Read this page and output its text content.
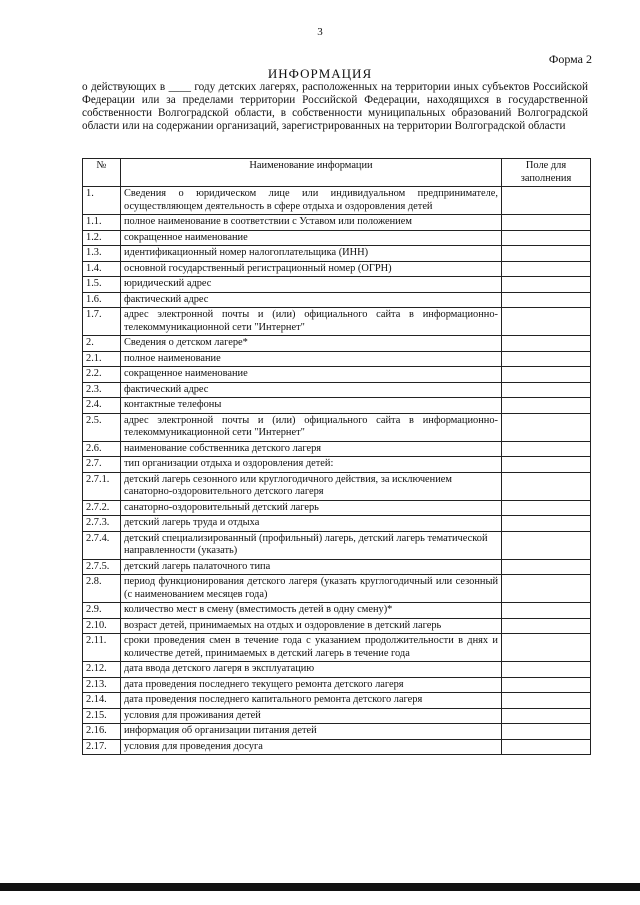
3
Форма 2
ИНФОРМАЦИЯ

о действующих в ____ году детских лагерях, расположенных на территории иных субъектов Российской Федерации или за пределами территории Российской Федерации, находящихся в государственной собственности Волгоградской области, в собственности муниципальных образований Волгоградской области или на содержании организаций, зарегистрированных на территории Волгоградской области

№	Наименование информации	Поле для заполнения
1.	Сведения о юридическом лице или индивидуальном предпринимателе, осуществляющем деятельность в сфере отдыха и оздоровления детей	
1.1.	полное наименование в соответствии с Уставом или положением	
1.2.	сокращенное наименование	
1.3.	идентификационный номер налогоплательщика (ИНН)	
1.4.	основной государственный регистрационный номер (ОГРН)	
1.5.	юридический адрес	
1.6.	фактический адрес	
1.7.	адрес электронной почты и (или) официального сайта в информационно-телекоммуникационной сети "Интернет"	
2.	Сведения о детском лагере*	
2.1.	полное наименование	
2.2.	сокращенное наименование	
2.3.	фактический адрес	
2.4.	контактные телефоны	
2.5.	адрес электронной почты и (или) официального сайта в информационно-телекоммуникационной сети "Интернет"	
2.6.	наименование собственника детского лагеря	
2.7.	тип организации отдыха и оздоровления детей:	
2.7.1.	детский лагерь сезонного или круглогодичного действия, за исключением санаторно-оздоровительного детского лагеря	
2.7.2.	санаторно-оздоровительный детский лагерь	
2.7.3.	детский лагерь труда и отдыха	
2.7.4.	детский специализированный (профильный) лагерь, детский лагерь тематической направленности (указать)	
2.7.5.	детский лагерь палаточного типа	
2.8.	период функционирования детского лагеря (указать круглогодичный или сезонный (с наименованием месяцев года)	
2.9.	количество мест в смену (вместимость детей в одну смену)*	
2.10.	возраст детей, принимаемых на отдых и оздоровление в детский лагерь	
2.11.	сроки проведения смен в течение года с указанием продолжительности в днях и количестве детей, принимаемых в детский лагерь в течение года	
2.12.	дата ввода детского лагеря в эксплуатацию	
2.13.	дата проведения последнего текущего ремонта детского лагеря	
2.14.	дата проведения последнего капитального ремонта детского лагеря	
2.15.	условия для проживания детей	
2.16.	информация об организации питания детей	
2.17.	условия для проведения досуга	
